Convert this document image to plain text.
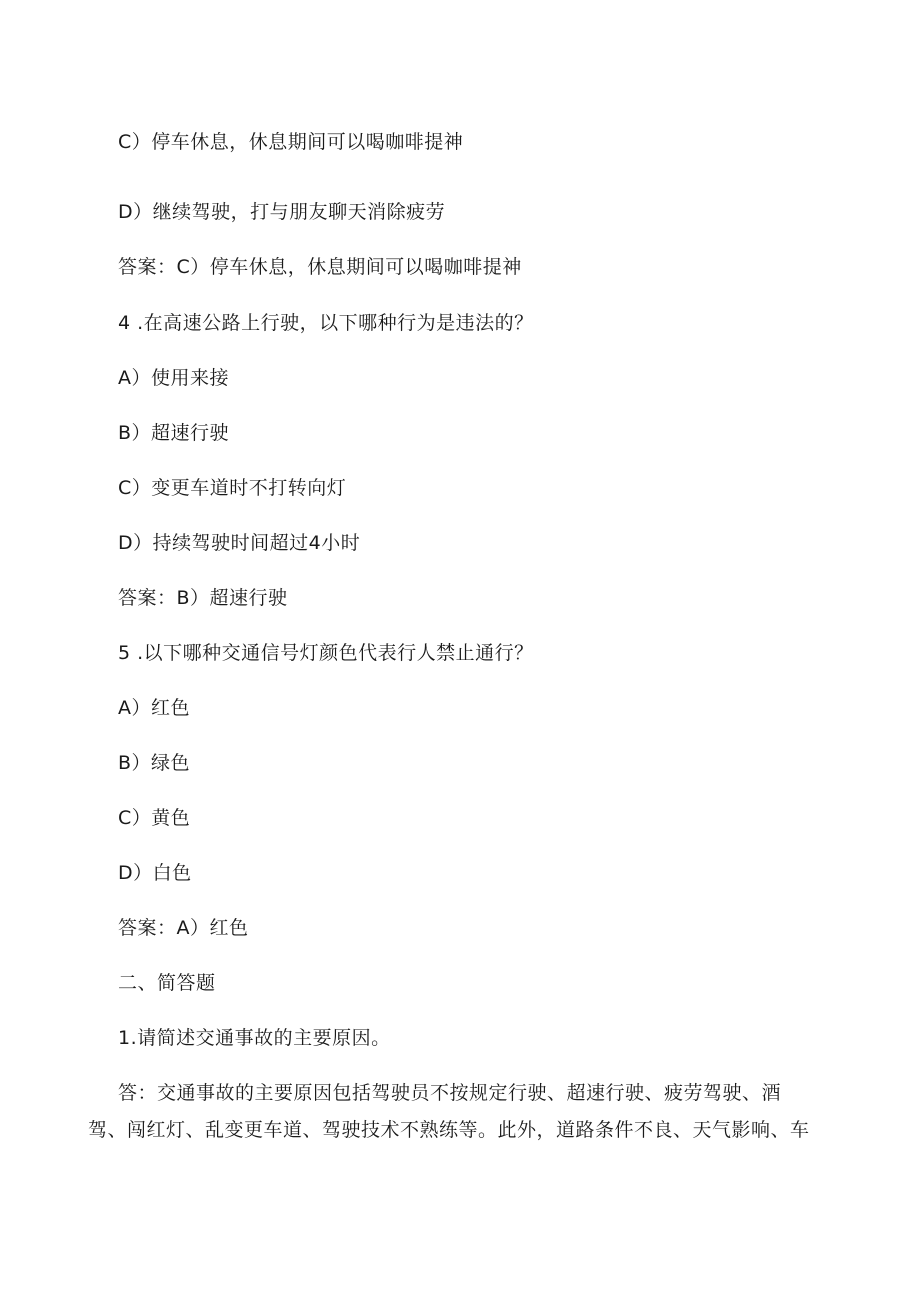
C）停车休息，休息期间可以喝咖啡提神
D）继续驾驶，打与朋友聊天消除疲劳
答案：C）停车休息，休息期间可以喝咖啡提神
4 .在高速公路上行驶，以下哪种行为是违法的？
A）使用来接
B）超速行驶
C）变更车道时不打转向灯
D）持续驾驶时间超过4小时
答案：B）超速行驶
5 .以下哪种交通信号灯颜色代表行人禁止通行？
A）红色
B）绿色
C）黄色
D）白色
答案：A）红色
二、简答题
1.请简述交通事故的主要原因。
答：交通事故的主要原因包括驾驶员不按规定行驶、超速行驶、疲劳驾驶、酒
驾、闯红灯、乱变更车道、驾驶技术不熟练等。此外，道路条件不良、天气影响、车
